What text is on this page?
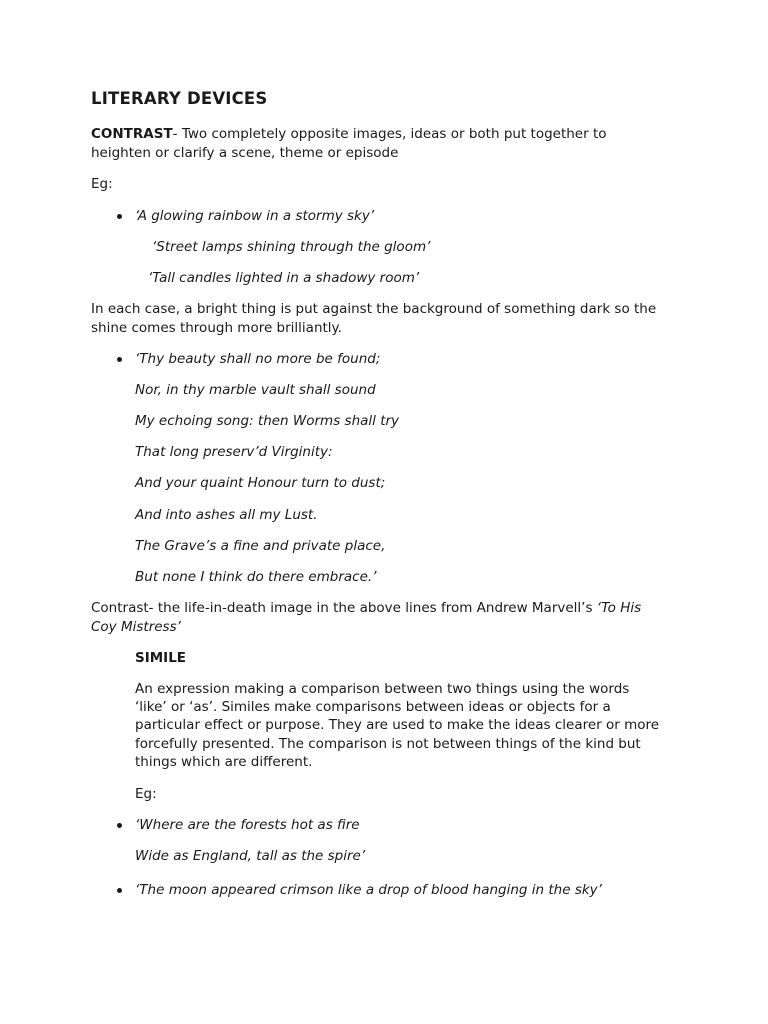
LITERARY DEVICES
CONTRAST- Two completely opposite images, ideas or both put together to
heighten or clarify a scene, theme or episode
Eg:
‘A glowing rainbow in a stormy sky’
‘Street lamps shining through the gloom’
‘Tall candles lighted in a shadowy room’
In each case, a bright thing is put against the background of something dark so the
shine comes through more brilliantly.
‘Thy beauty shall no more be found;
Nor, in thy marble vault shall sound
My echoing song: then Worms shall try
That long preserv’d Virginity:
And your quaint Honour turn to dust;
And into ashes all my Lust.
The Grave’s a fine and private place,
But none I think do there embrace.’
Contrast- the life-in-death image in the above lines from Andrew Marvell’s ‘To His
Coy Mistress’
SIMILE
An expression making a comparison between two things using the words
‘like’ or ‘as’. Similes make comparisons between ideas or objects for a
particular effect or purpose. They are used to make the ideas clearer or more
forcefully presented. The comparison is not between things of the kind but
things which are different.
Eg:
‘Where are the forests hot as fire
Wide as England, tall as the spire’
‘The moon appeared crimson like a drop of blood hanging in the sky’
